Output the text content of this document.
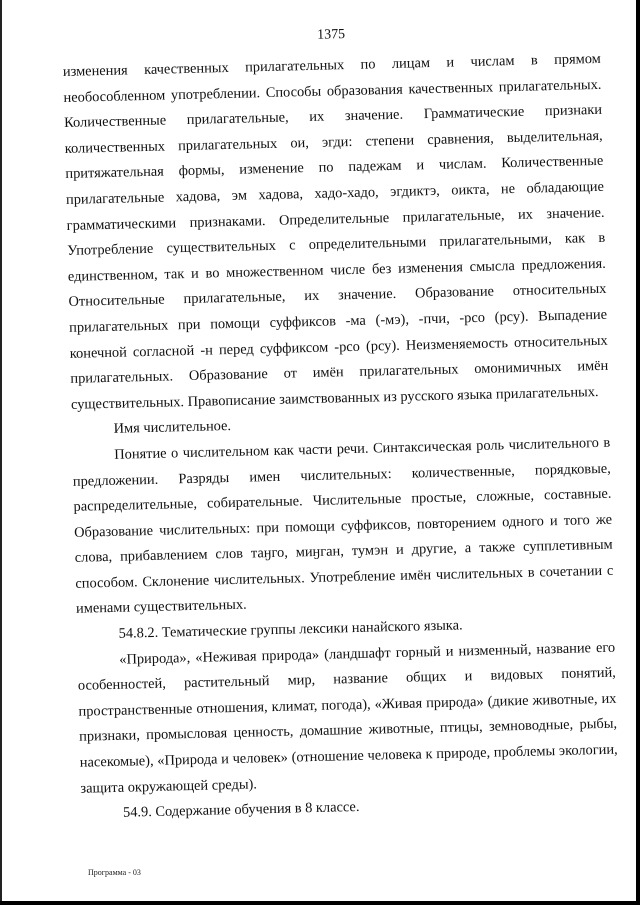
1375

изменения качественных прилагательных по лицам и числам в прямом необособленном употреблении. Способы образования качественных прилагательных. Количественные прилагательные, их значение. Грамматические признаки количественных прилагательных ои, эгди: степени сравнения, выделительная, притяжательная формы, изменение по падежам и числам. Количественные прилагательные хадова, эм хадова, хадо-хадо, эгдиктэ, оикта, не обладающие грамматическими признаками. Определительные прилагательные, их значение. Употребление существительных с определительными прилагательными, как в единственном, так и во множественном числе без изменения смысла предложения. Относительные прилагательные, их значение. Образование относительных прилагательных при помощи суффиксов -ма (-мэ), -пчи, -рсо (рсу). Выпадение конечной согласной -н перед суффиксом -рсо (рсу). Неизменяемость относительных прилагательных. Образование от имён прилагательных омонимичных имён существительных. Правописание заимствованных из русского языка прилагательных.

Имя числительное.

Понятие о числительном как части речи. Синтаксическая роль числительного в предложении. Разряды имен числительных: количественные, порядковые, распределительные, собирательные. Числительные простые, сложные, составные. Образование числительных: при помощи суффиксов, повторением одного и того же слова, прибавлением слов таӈго, миӈган, тумэн и другие, а также супплетивным способом. Склонение числительных. Употребление имён числительных в сочетании с именами существительных.

54.8.2. Тематические группы лексики нанайского языка.

«Природа», «Неживая природа» (ландшафт горный и низменный, название его особенностей, растительный мир, название общих и видовых понятий, пространственные отношения, климат, погода), «Живая природа» (дикие животные, их признаки, промысловая ценность, домашние животные, птицы, земноводные, рыбы, насекомые), «Природа и человек» (отношение человека к природе, проблемы экологии, защита окружающей среды).

54.9. Содержание обучения в 8 классе.

Программа - 03
